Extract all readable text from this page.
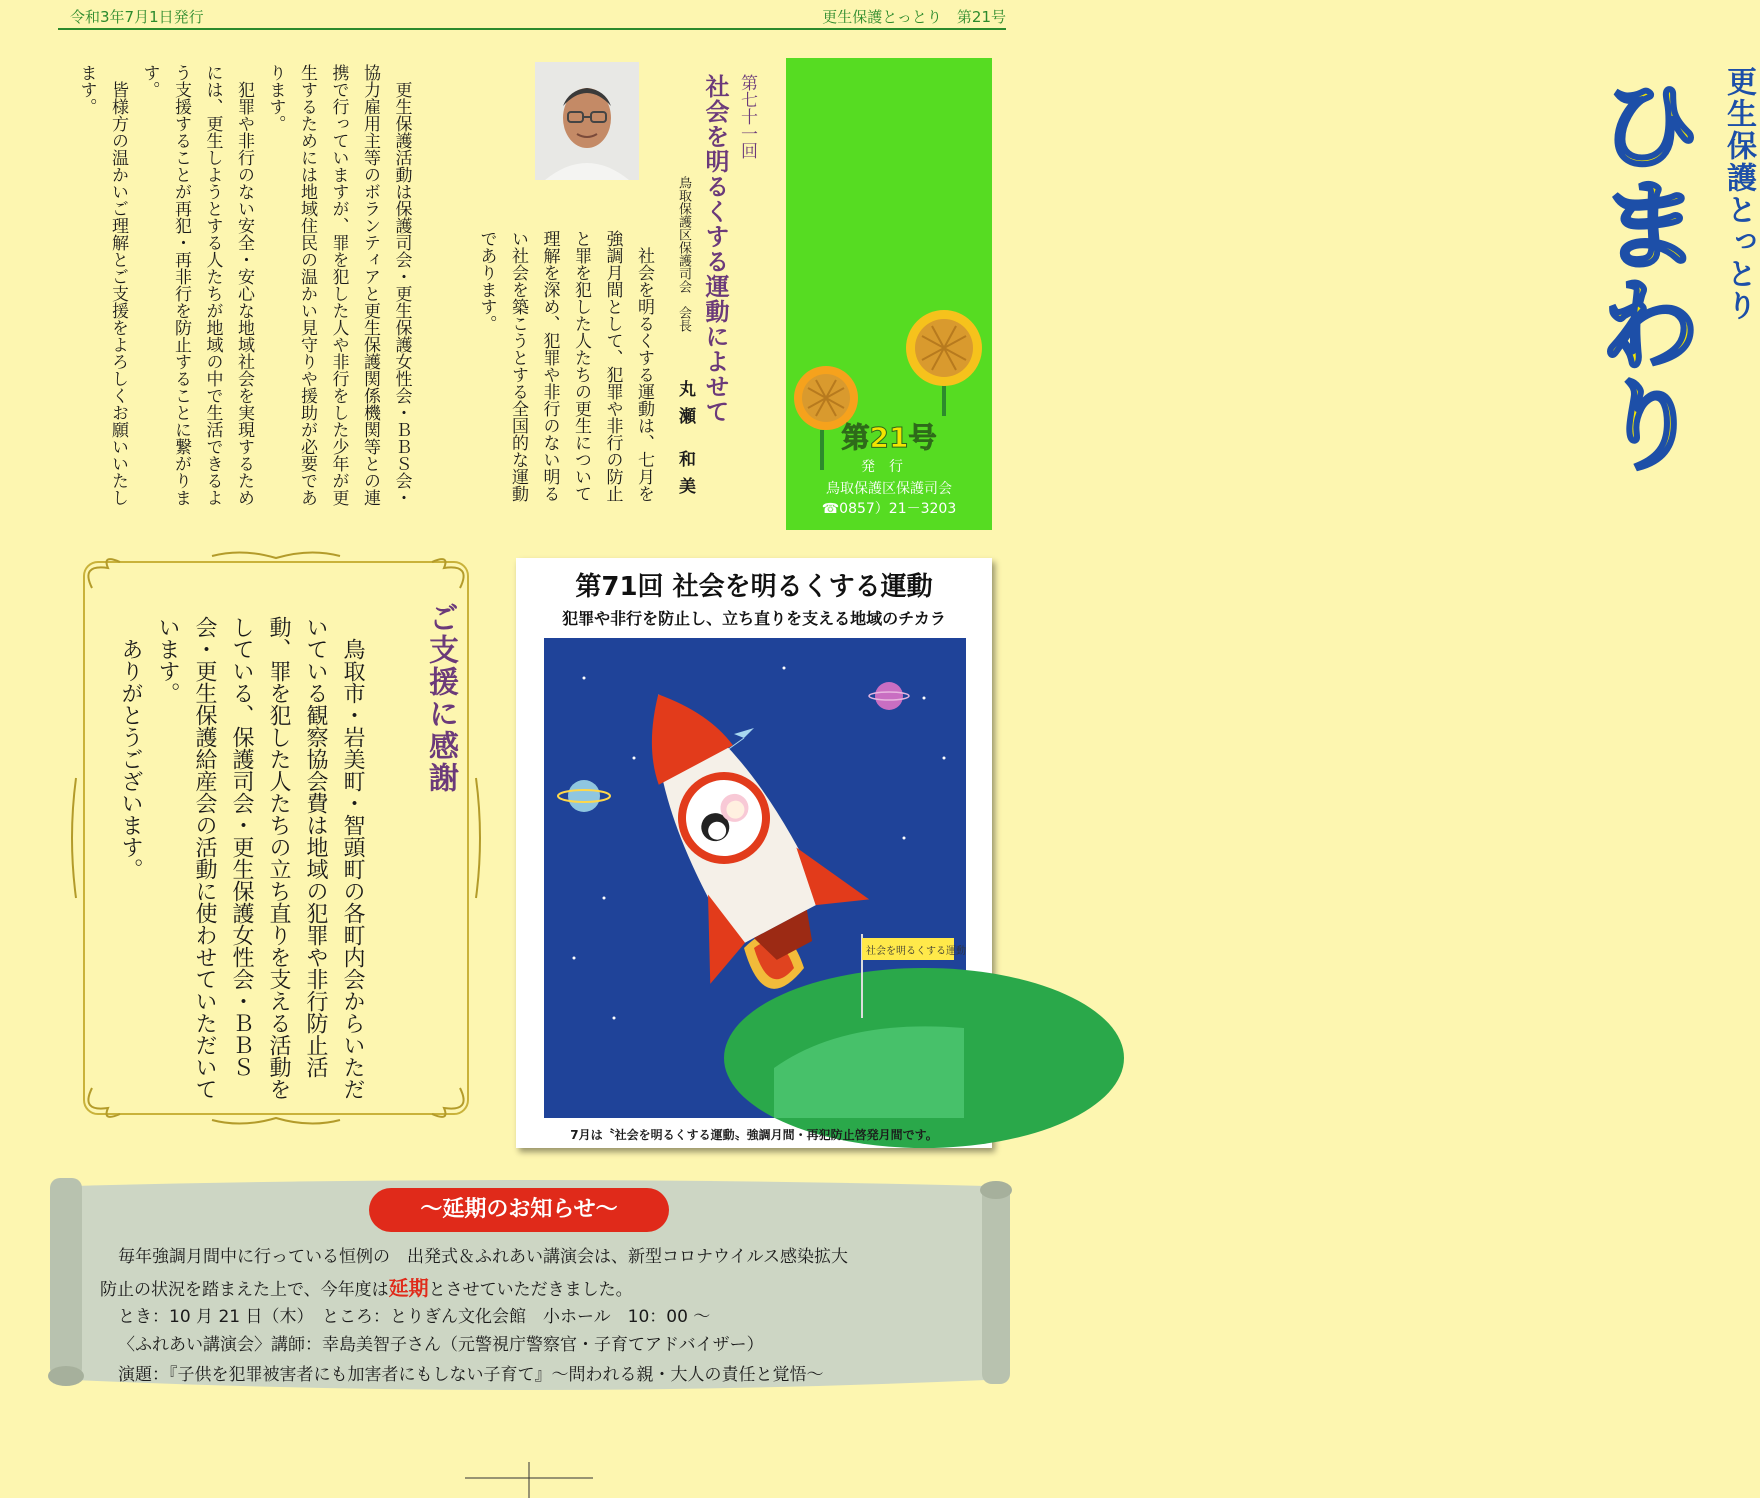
令和3年7月1日発行	更生保護とっとり　第21号
更生保護とっとり
ひま
わり
第21号
発行
鳥取保護区保護司会
☎0857）21－3203
第七十一回
社会を明るくする運動によせて
鳥取保護区保護司会　会長
丸瀬 和美
　社会を明るくする運動は、七月を強調月間として、犯罪や非行の防止と罪を犯した人たちの更生について理解を深め、犯罪や非行のない明るい社会を築こうとする全国的な運動であります。
　更生保護活動は保護司会・更生保護女性会・ＢＢＳ会・協力雇用主等のボランティアと更生保護関係機関等との連携で行っていますが、罪を犯した人や非行をした少年が更生するためには地域住民の温かい見守りや援助が必要であります。
　犯罪や非行のない安全・安心な地域社会を実現するためには、更生しようとする人たちが地域の中で生活できるよう支援することが再犯・再非行を防止することに繋がります。
　皆様方の温かいご理解とご支援をよろしくお願いいたします。
ご支援に感謝
　鳥取市・岩美町・智頭町の各町内会からいただいている観察協会費は地域の犯罪や非行防止活動、罪を犯した人たちの立ち直りを支える活動をしている、保護司会・更生保護女性会・ＢＢＳ会・更生保護給産会の活動に使わせていただいています。
　ありがとうございます。
第71回 社会を明るくする運動
犯罪や非行を防止し、立ち直りを支える地域のチカラ
社会を明るくする運動
7月は〝社会を明るくする運動〟強調月間・再犯防止啓発月間です。
～延期のお知らせ～
毎年強調月間中に行っている恒例の　出発式＆ふれあい講演会は、新型コロナウイルス感染拡大
防止の状況を踏まえた上で、今年度は延期とさせていただきました。
とき：10 月 21 日（木）　ところ：とりぎん文化会館　小ホール　10：00 ～
〈ふれあい講演会〉講師：幸島美智子さん（元警視庁警察官・子育てアドバイザー）
演題：『子供を犯罪被害者にも加害者にもしない子育て』～問われる親・大人の責任と覚悟～
